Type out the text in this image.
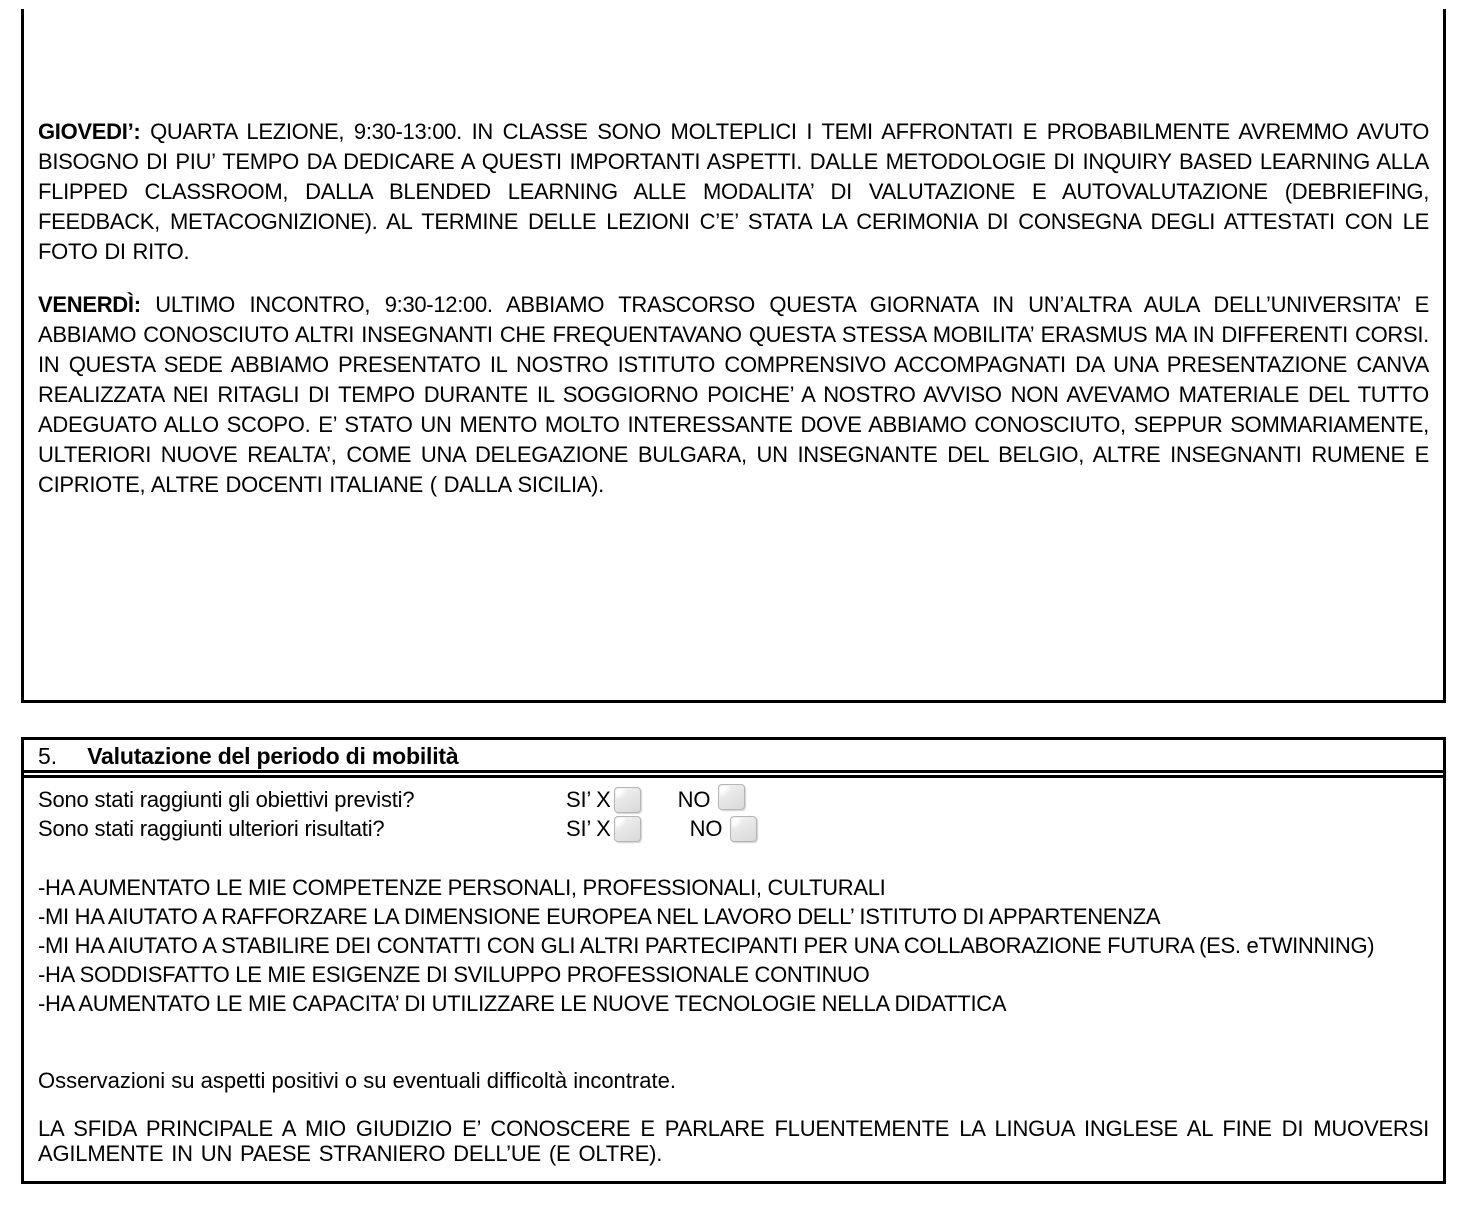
GIOVEDI’: QUARTA LEZIONE, 9:30-13:00. IN CLASSE SONO MOLTEPLICI I TEMI AFFRONTATI E PROBABILMENTE AVREMMO AVUTO BISOGNO DI PIU’ TEMPO DA DEDICARE A QUESTI IMPORTANTI ASPETTI. DALLE METODOLOGIE DI INQUIRY BASED LEARNING ALLA FLIPPED CLASSROOM, DALLA BLENDED LEARNING ALLE MODALITA’ DI VALUTAZIONE E AUTOVALUTAZIONE (DEBRIEFING, FEEDBACK, METACOGNIZIONE). AL TERMINE DELLE LEZIONI C’E’ STATA LA CERIMONIA DI CONSEGNA DEGLI ATTESTATI CON LE FOTO DI RITO.

VENERDÌ: ULTIMO INCONTRO, 9:30-12:00. ABBIAMO TRASCORSO QUESTA GIORNATA IN UN’ALTRA AULA DELL’UNIVERSITA’ E ABBIAMO CONOSCIUTO ALTRI INSEGNANTI CHE FREQUENTAVANO QUESTA STESSA MOBILITA’ ERASMUS MA IN DIFFERENTI CORSI. IN QUESTA SEDE ABBIAMO PRESENTATO IL NOSTRO ISTITUTO COMPRENSIVO ACCOMPAGNATI DA UNA PRESENTAZIONE CANVA REALIZZATA NEI RITAGLI DI TEMPO DURANTE IL SOGGIORNO POICHE’ A NOSTRO AVVISO NON AVEVAMO MATERIALE DEL TUTTO ADEGUATO ALLO SCOPO. E’ STATO UN MENTO MOLTO INTERESSANTE DOVE ABBIAMO CONOSCIUTO, SEPPUR SOMMARIAMENTE, ULTERIORI NUOVE REALTA’, COME UNA DELEGAZIONE BULGARA, UN INSEGNANTE DEL BELGIO, ALTRE INSEGNANTI RUMENE E CIPRIOTE, ALTRE DOCENTI ITALIANE ( DALLA SICILIA).

5. Valutazione del periodo di mobilità
Sono stati raggiunti gli obiettivi previsti?	SI’ X	NO
Sono stati raggiunti ulteriori risultati?	SI’ X	NO
-HA AUMENTATO LE MIE COMPETENZE PERSONALI, PROFESSIONALI, CULTURALI
-MI HA AIUTATO A RAFFORZARE LA DIMENSIONE EUROPEA NEL LAVORO DELL’ ISTITUTO DI APPARTENENZA
-MI HA AIUTATO A STABILIRE DEI CONTATTI CON GLI ALTRI PARTECIPANTI PER UNA COLLABORAZIONE FUTURA (ES. eTWINNING)
-HA SODDISFATTO LE MIE ESIGENZE DI SVILUPPO PROFESSIONALE CONTINUO
-HA AUMENTATO LE MIE CAPACITA’ DI UTILIZZARE LE NUOVE TECNOLOGIE NELLA DIDATTICA
Osservazioni su aspetti positivi o su eventuali difficoltà incontrate.

LA SFIDA PRINCIPALE A MIO GIUDIZIO E’ CONOSCERE E PARLARE FLUENTEMENTE LA LINGUA INGLESE AL FINE DI MUOVERSI AGILMENTE IN UN PAESE STRANIERO DELL’UE (E OLTRE).
